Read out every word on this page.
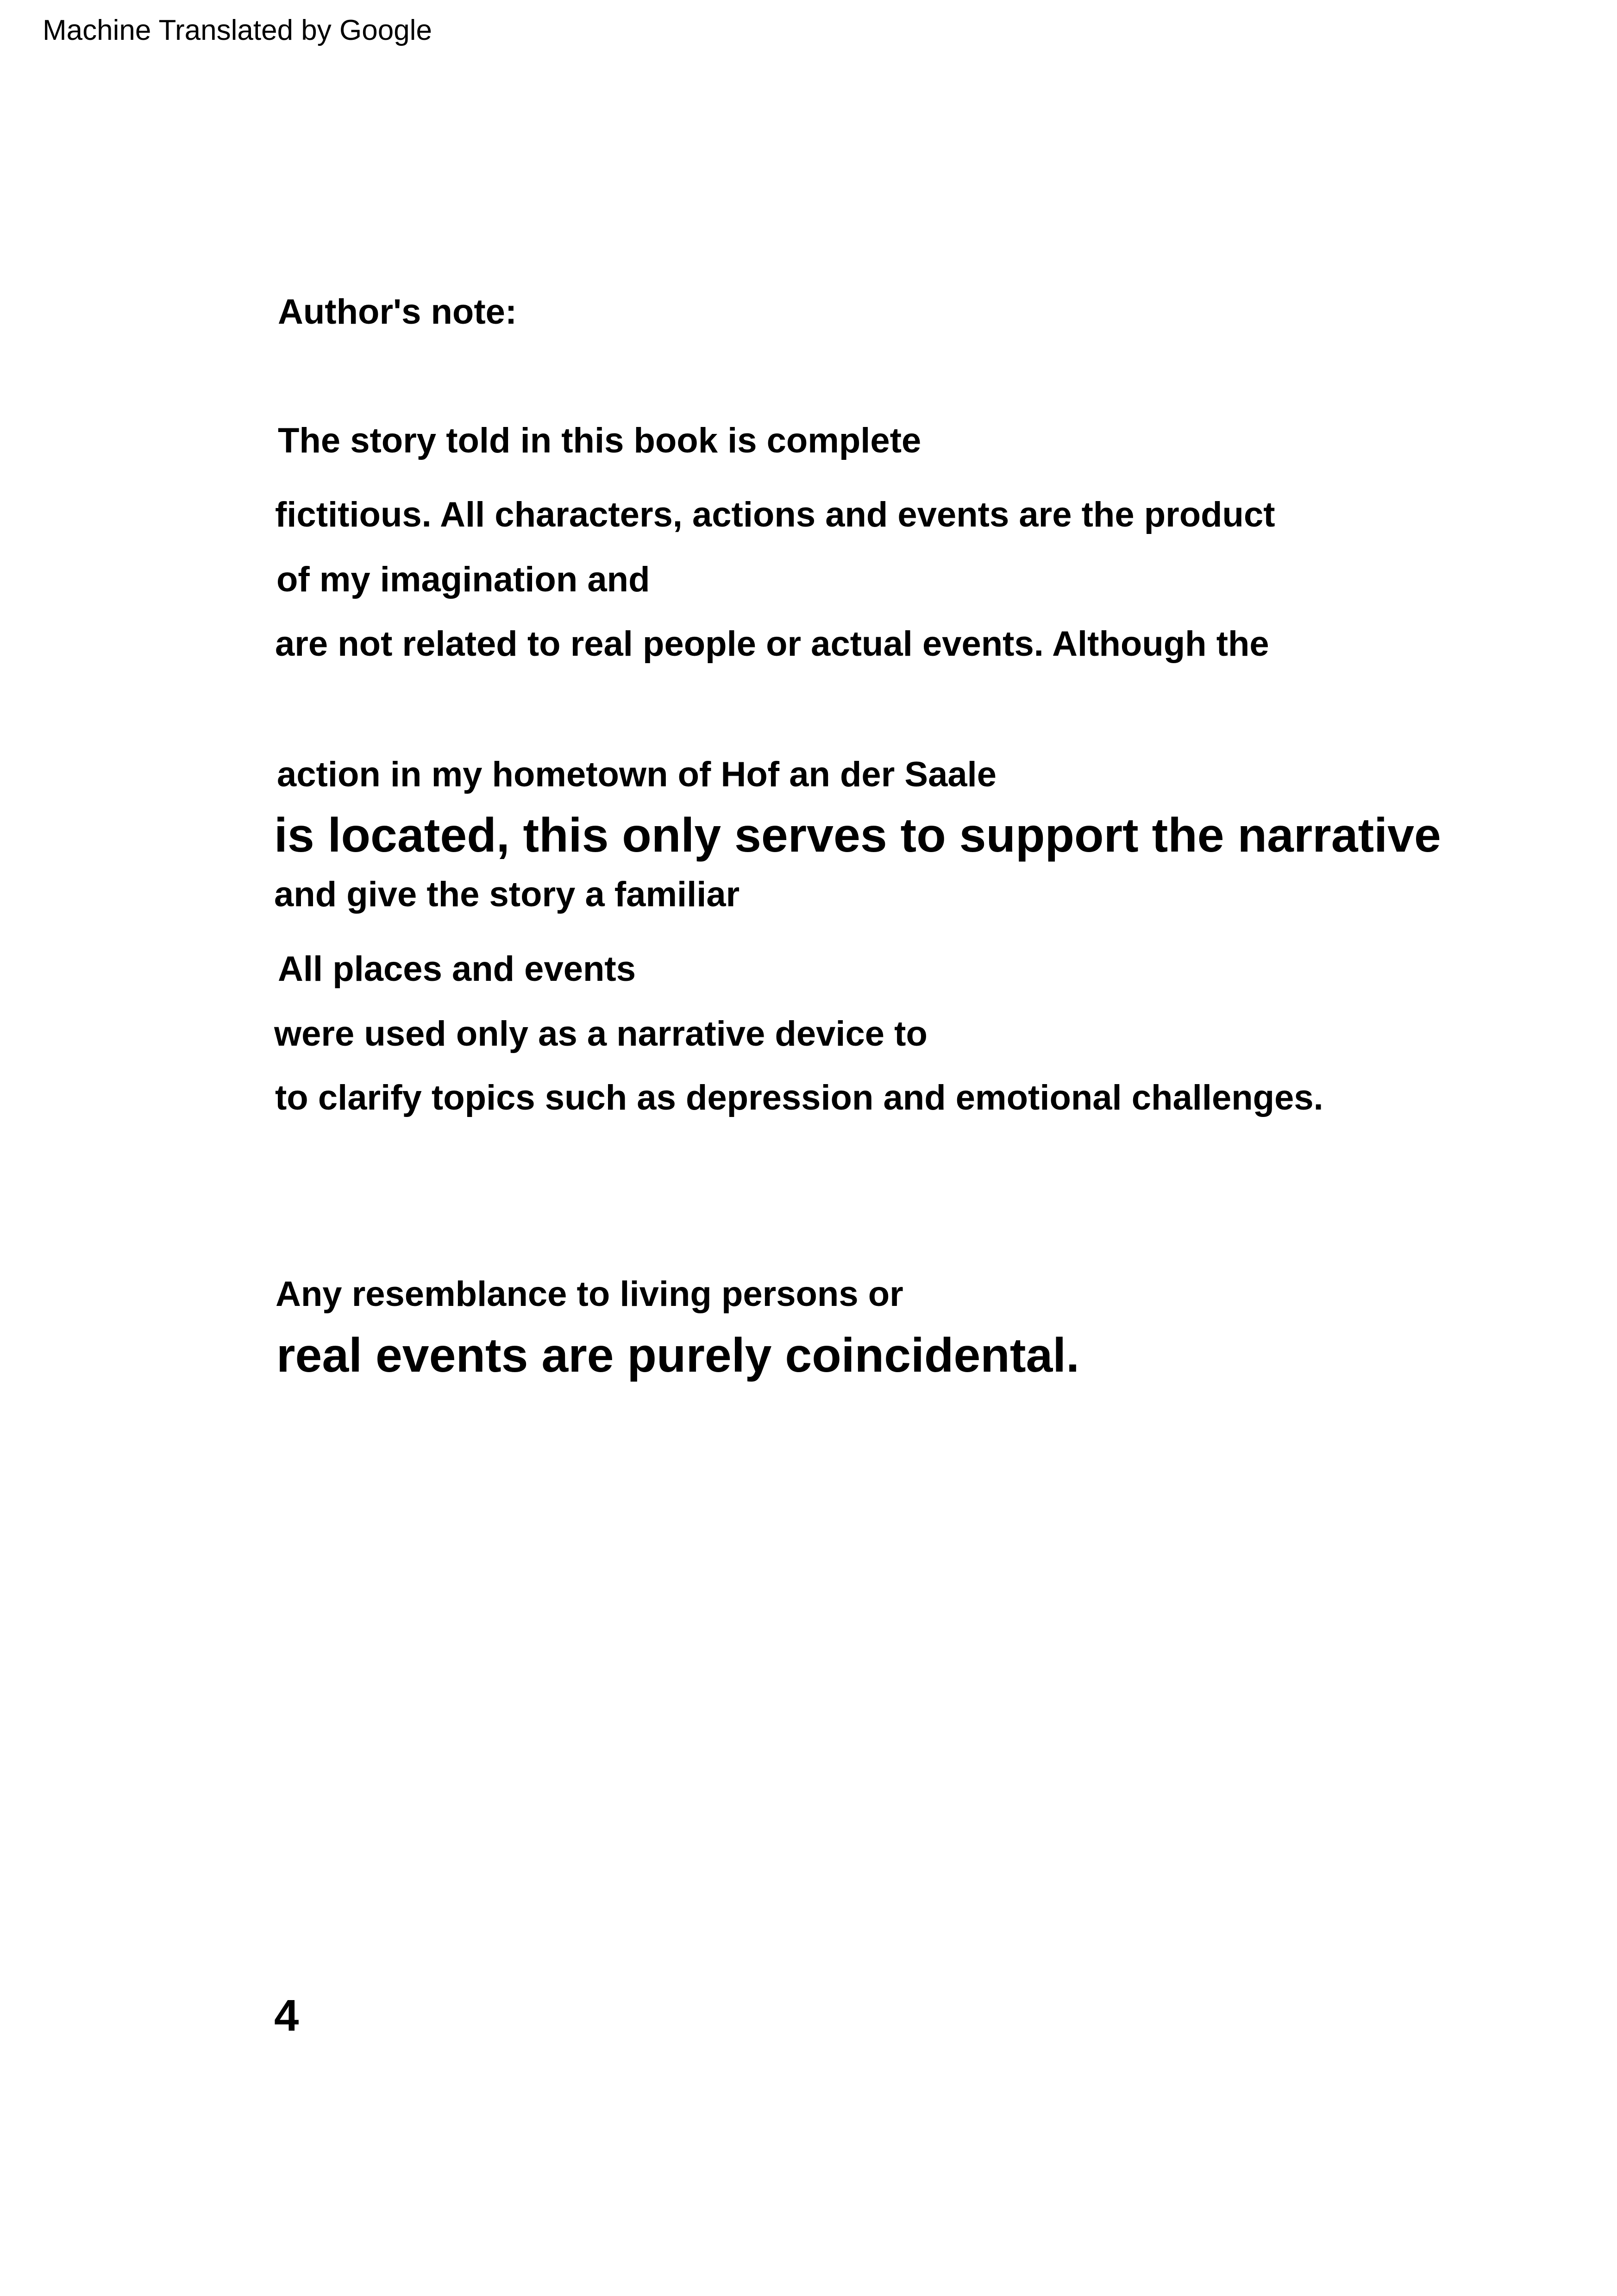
Machine Translated by Google
Author's note:
The story told in this book is complete
fictitious. All characters, actions and events are the product
of my imagination and
are not related to real people or actual events. Although the
action in my hometown of Hof an der Saale
is located, this only serves to support the narrative
and give the story a familiar
All places and events
were used only as a narrative device to
to clarify topics such as depression and emotional challenges.
Any resemblance to living persons or
real events are purely coincidental.
4
